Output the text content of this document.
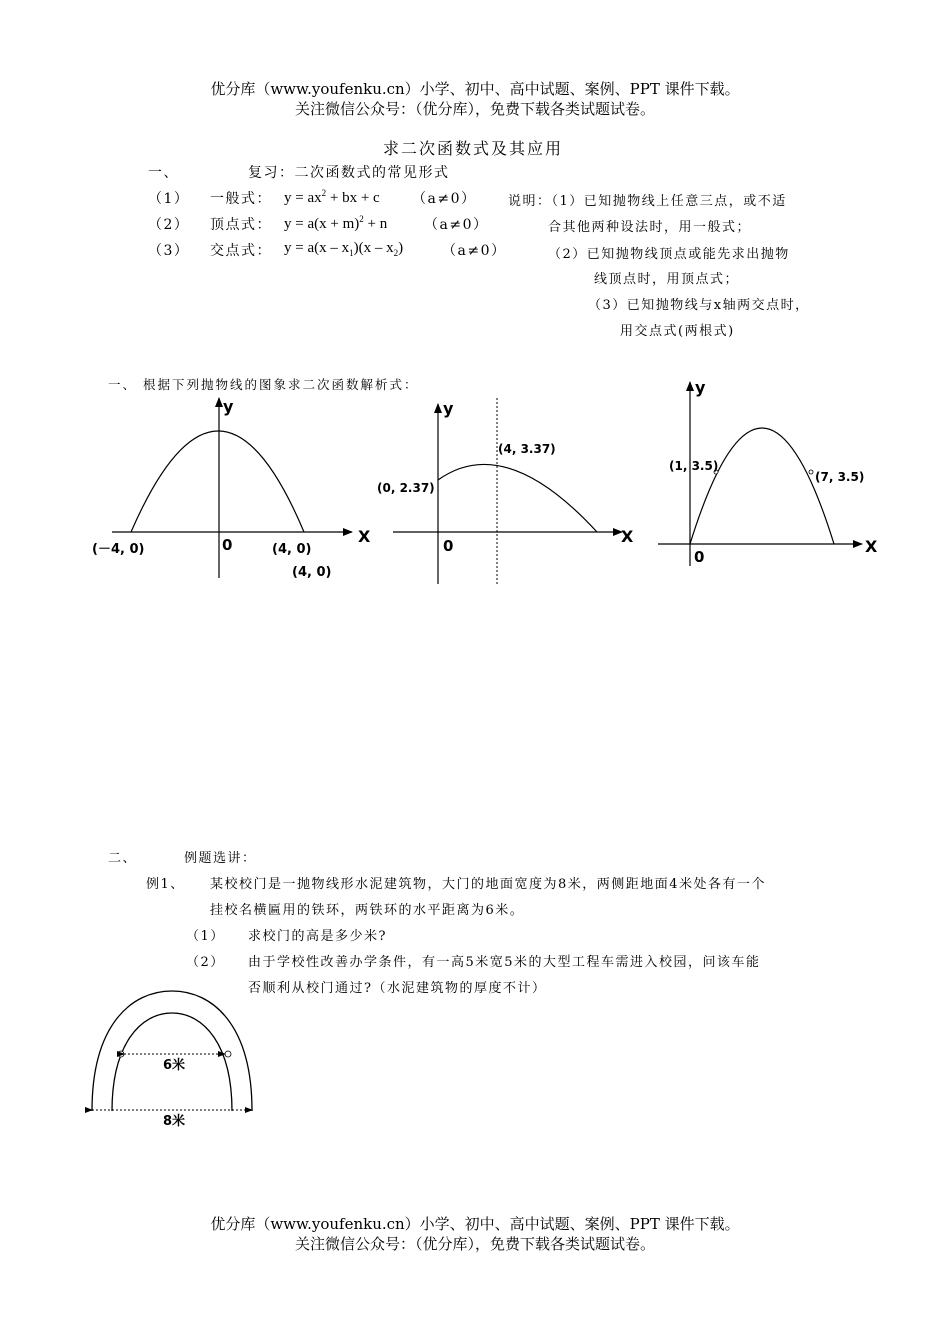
优分库（www.youfenku.cn）小学、初中、高中试题、案例、PPT 课件下载。
关注微信公众号：（优分库），免费下载各类试题试卷。
求二次函数式及其应用
一、	复习：二次函数式的常见形式
（1） 一般式： $y = ax^2$ + bx + c （a≠0）
（2） 顶点式： $y = a(x + m)^2 + n$	（a≠0）
（3） 交点式： $y = a(x - x_1)(x - x_2)$	（a≠0）
说明：（1）已知抛物线上任意三点，或不适
合其他两种设法时，用一般式；
（2）已知抛物线顶点或能先求出抛物
线顶点时，用顶点式；
（3）已知抛物线与x轴两交点时，
用交点式(两根式)
一、 根据下列抛物线的图象求二次函数解析式：
y
X
0
(－4, 0)	(4, 0)
(4, 0)
y
X
0
(0, 2.37)
(4, 3.37)
y
X
0
(1, 3.5)
(7, 3.5)
二、	例题选讲：
例1、 某校校门是一抛物线形水泥建筑物，大门的地面宽度为8米，两侧距地面4米处各有一个
挂校名横匾用的铁环，两铁环的水平距离为6米。
（1） 求校门的高是多少米?
（2） 由于学校性改善办学条件，有一高5米宽5米的大型工程车需进入校园，问该车能
否顺利从校门通过?（水泥建筑物的厚度不计）
6米
8米
优分库（www.youfenku.cn）小学、初中、高中试题、案例、PPT 课件下载。
关注微信公众号：（优分库），免费下载各类试题试卷。
